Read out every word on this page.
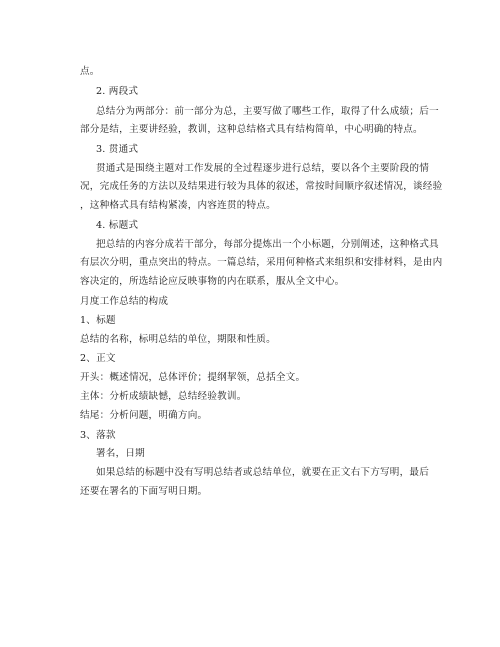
点。
2. 两段式
总结分为两部分：前一部分为总，主要写做了哪些工作，取得了什么成绩；后一
部分是结，主要讲经验，教训，这种总结格式具有结构简单，中心明确的特点。
3. 贯通式
贯通式是围绕主题对工作发展的全过程逐步进行总结，要以各个主要阶段的情
况，完成任务的方法以及结果进行较为具体的叙述，常按时间顺序叙述情况，谈经验
，这种格式具有结构紧凑，内容连贯的特点。
4. 标题式
把总结的内容分成若干部分，每部分提炼出一个小标题，分别阐述，这种格式具
有层次分明，重点突出的特点。一篇总结，采用何种格式来组织和安排材料，是由内
容决定的，所选结论应反映事物的内在联系，服从全文中心。
月度工作总结的构成
1、标题
总结的名称，标明总结的单位，期限和性质。
2、正文
开头：概述情况，总体评价；提纲挈领，总括全文。
主体：分析成绩缺憾，总结经验教训。
结尾：分析问题，明确方向。
3、落款
署名，日期
如果总结的标题中没有写明总结者或总结单位，就要在正文右下方写明，最后
还要在署名的下面写明日期。
